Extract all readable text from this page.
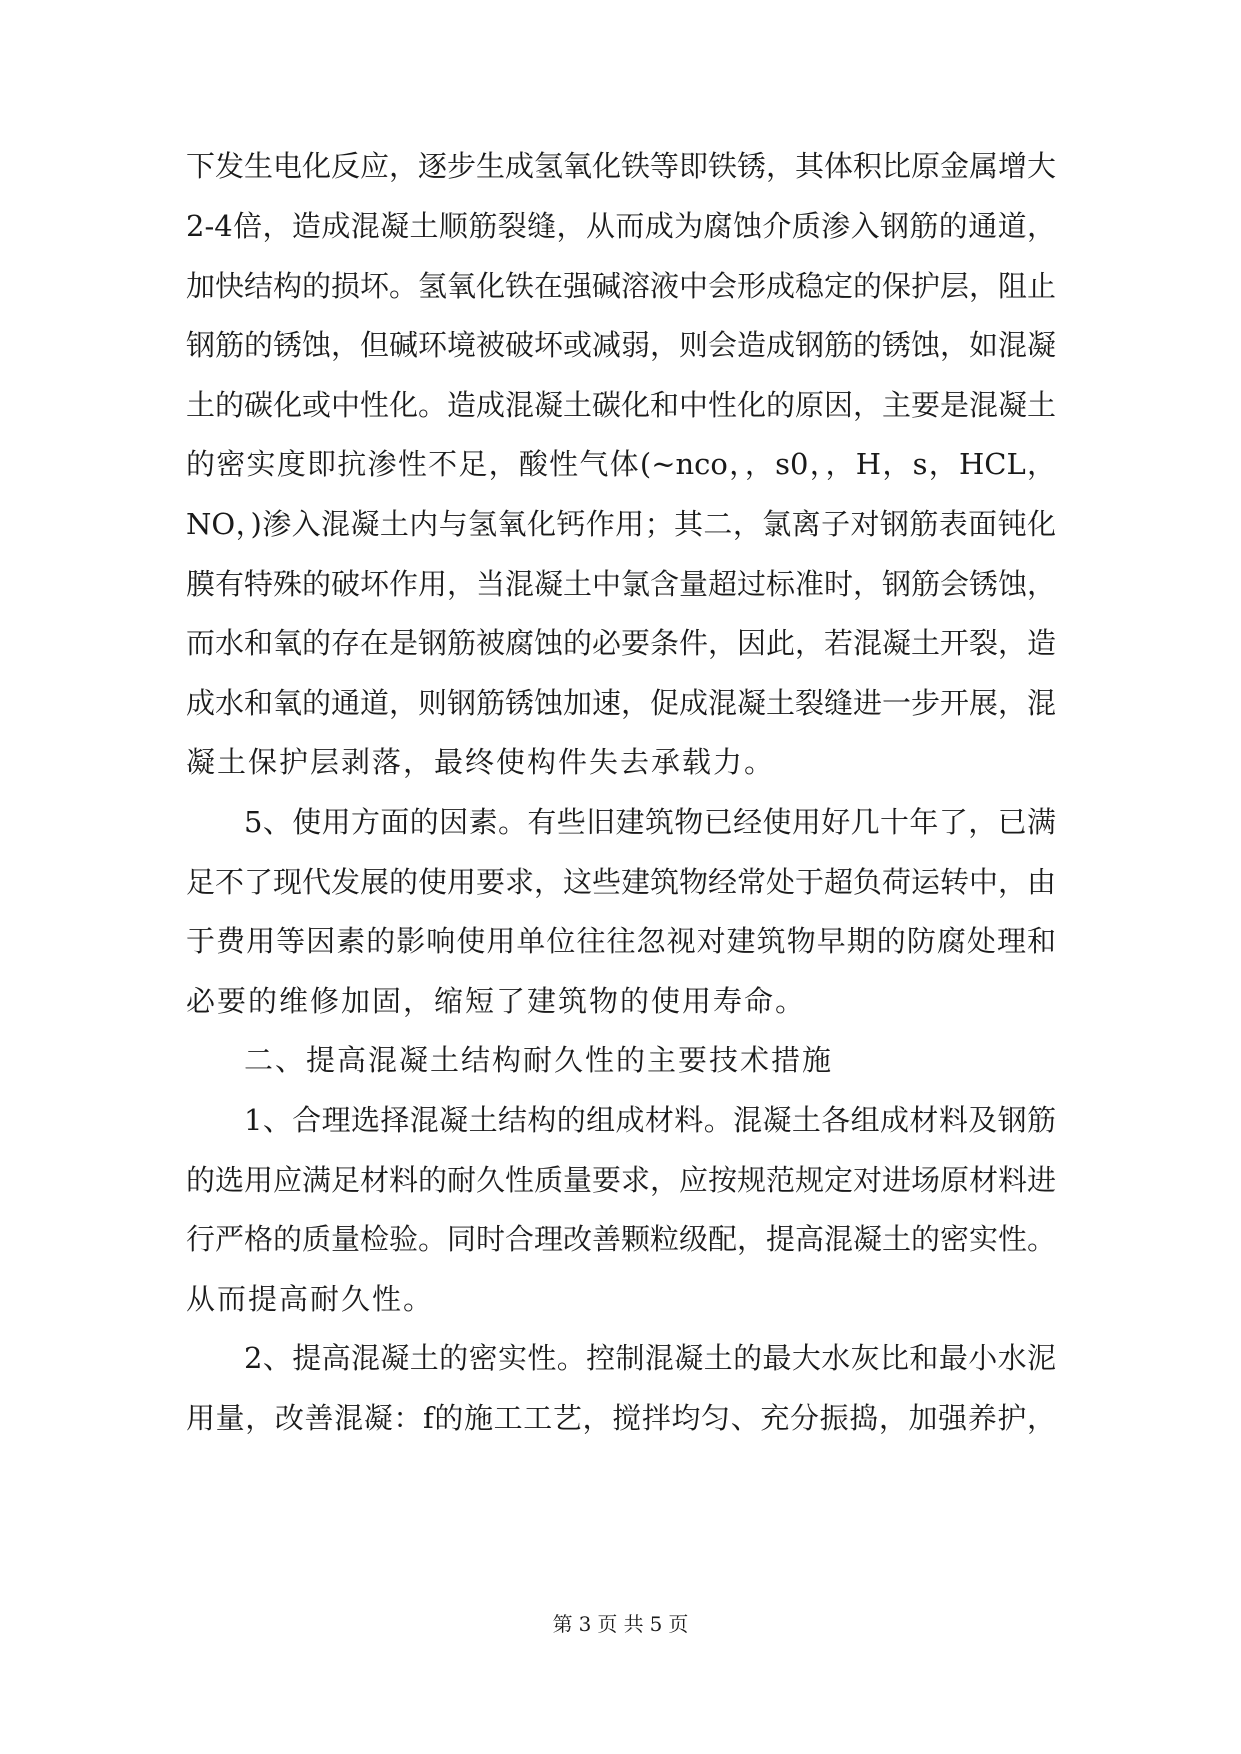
下发生电化反应，逐步生成氢氧化铁等即铁锈，其体积比原金属增大
2-4倍，造成混凝土顺筋裂缝，从而成为腐蚀介质渗入钢筋的通道，
加快结构的损坏。氢氧化铁在强碱溶液中会形成稳定的保护层，阻止
钢筋的锈蚀，但碱环境被破坏或减弱，则会造成钢筋的锈蚀，如混凝
土的碳化或中性化。造成混凝土碳化和中性化的原因，主要是混凝土
的密实度即抗渗性不足，酸性气体(~nco，，s0，，H，s，HCL，
NO，)渗入混凝土内与氢氧化钙作用；其二，氯离子对钢筋表面钝化
膜有特殊的破坏作用，当混凝土中氯含量超过标准时，钢筋会锈蚀，
而水和氧的存在是钢筋被腐蚀的必要条件，因此，若混凝土开裂，造
成水和氧的通道，则钢筋锈蚀加速，促成混凝土裂缝进一步开展，混
凝土保护层剥落，最终使构件失去承载力。
5、使用方面的因素。有些旧建筑物已经使用好几十年了，已满
足不了现代发展的使用要求，这些建筑物经常处于超负荷运转中，由
于费用等因素的影响使用单位往往忽视对建筑物早期的防腐处理和
必要的维修加固，缩短了建筑物的使用寿命。
二、提高混凝土结构耐久性的主要技术措施
1、合理选择混凝土结构的组成材料。混凝土各组成材料及钢筋
的选用应满足材料的耐久性质量要求，应按规范规定对进场原材料进
行严格的质量检验。同时合理改善颗粒级配，提高混凝土的密实性。
从而提高耐久性。
2、提高混凝土的密实性。控制混凝土的最大水灰比和最小水泥
用量，改善混凝：f的施工工艺，搅拌均匀、充分振捣，加强养护，
第 3 页 共 5 页
